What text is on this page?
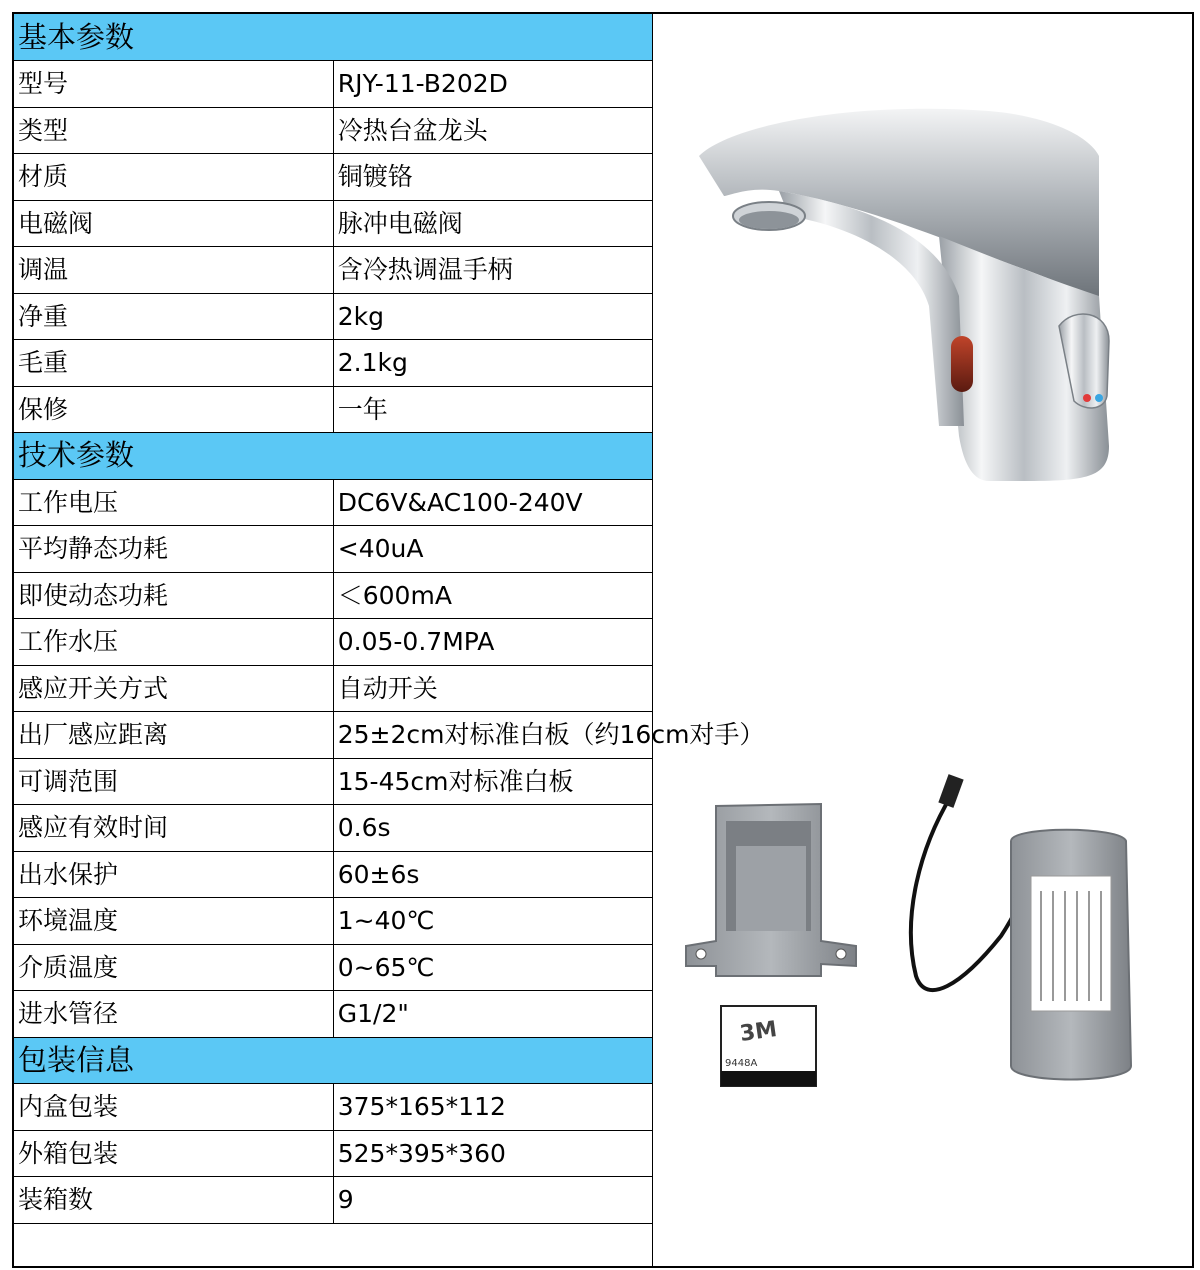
基本参数	
型号	RJY-11-B202D
类型	冷热台盆龙头
材质	铜镀铬
电磁阀	脉冲电磁阀
调温	含冷热调温手柄
净重	2kg
毛重	2.1kg
保修	一年
技术参数	
工作电压	DC6V&AC100-240V
平均静态功耗	<40uA
即使动态功耗	＜600mA
工作水压	0.05-0.7MPA
感应开关方式	自动开关
出厂感应距离	25±2cm对标准白板（约16cm对手）
可调范围	15-45cm对标准白板
感应有效时间	0.6s
出水保护	60±6s
环境温度	1~40℃
介质温度	0~65℃
进水管径	G1/2"
包装信息	
内盒包装	375*165*112
外箱包装	525*395*360
装箱数	9
3M
9448A
